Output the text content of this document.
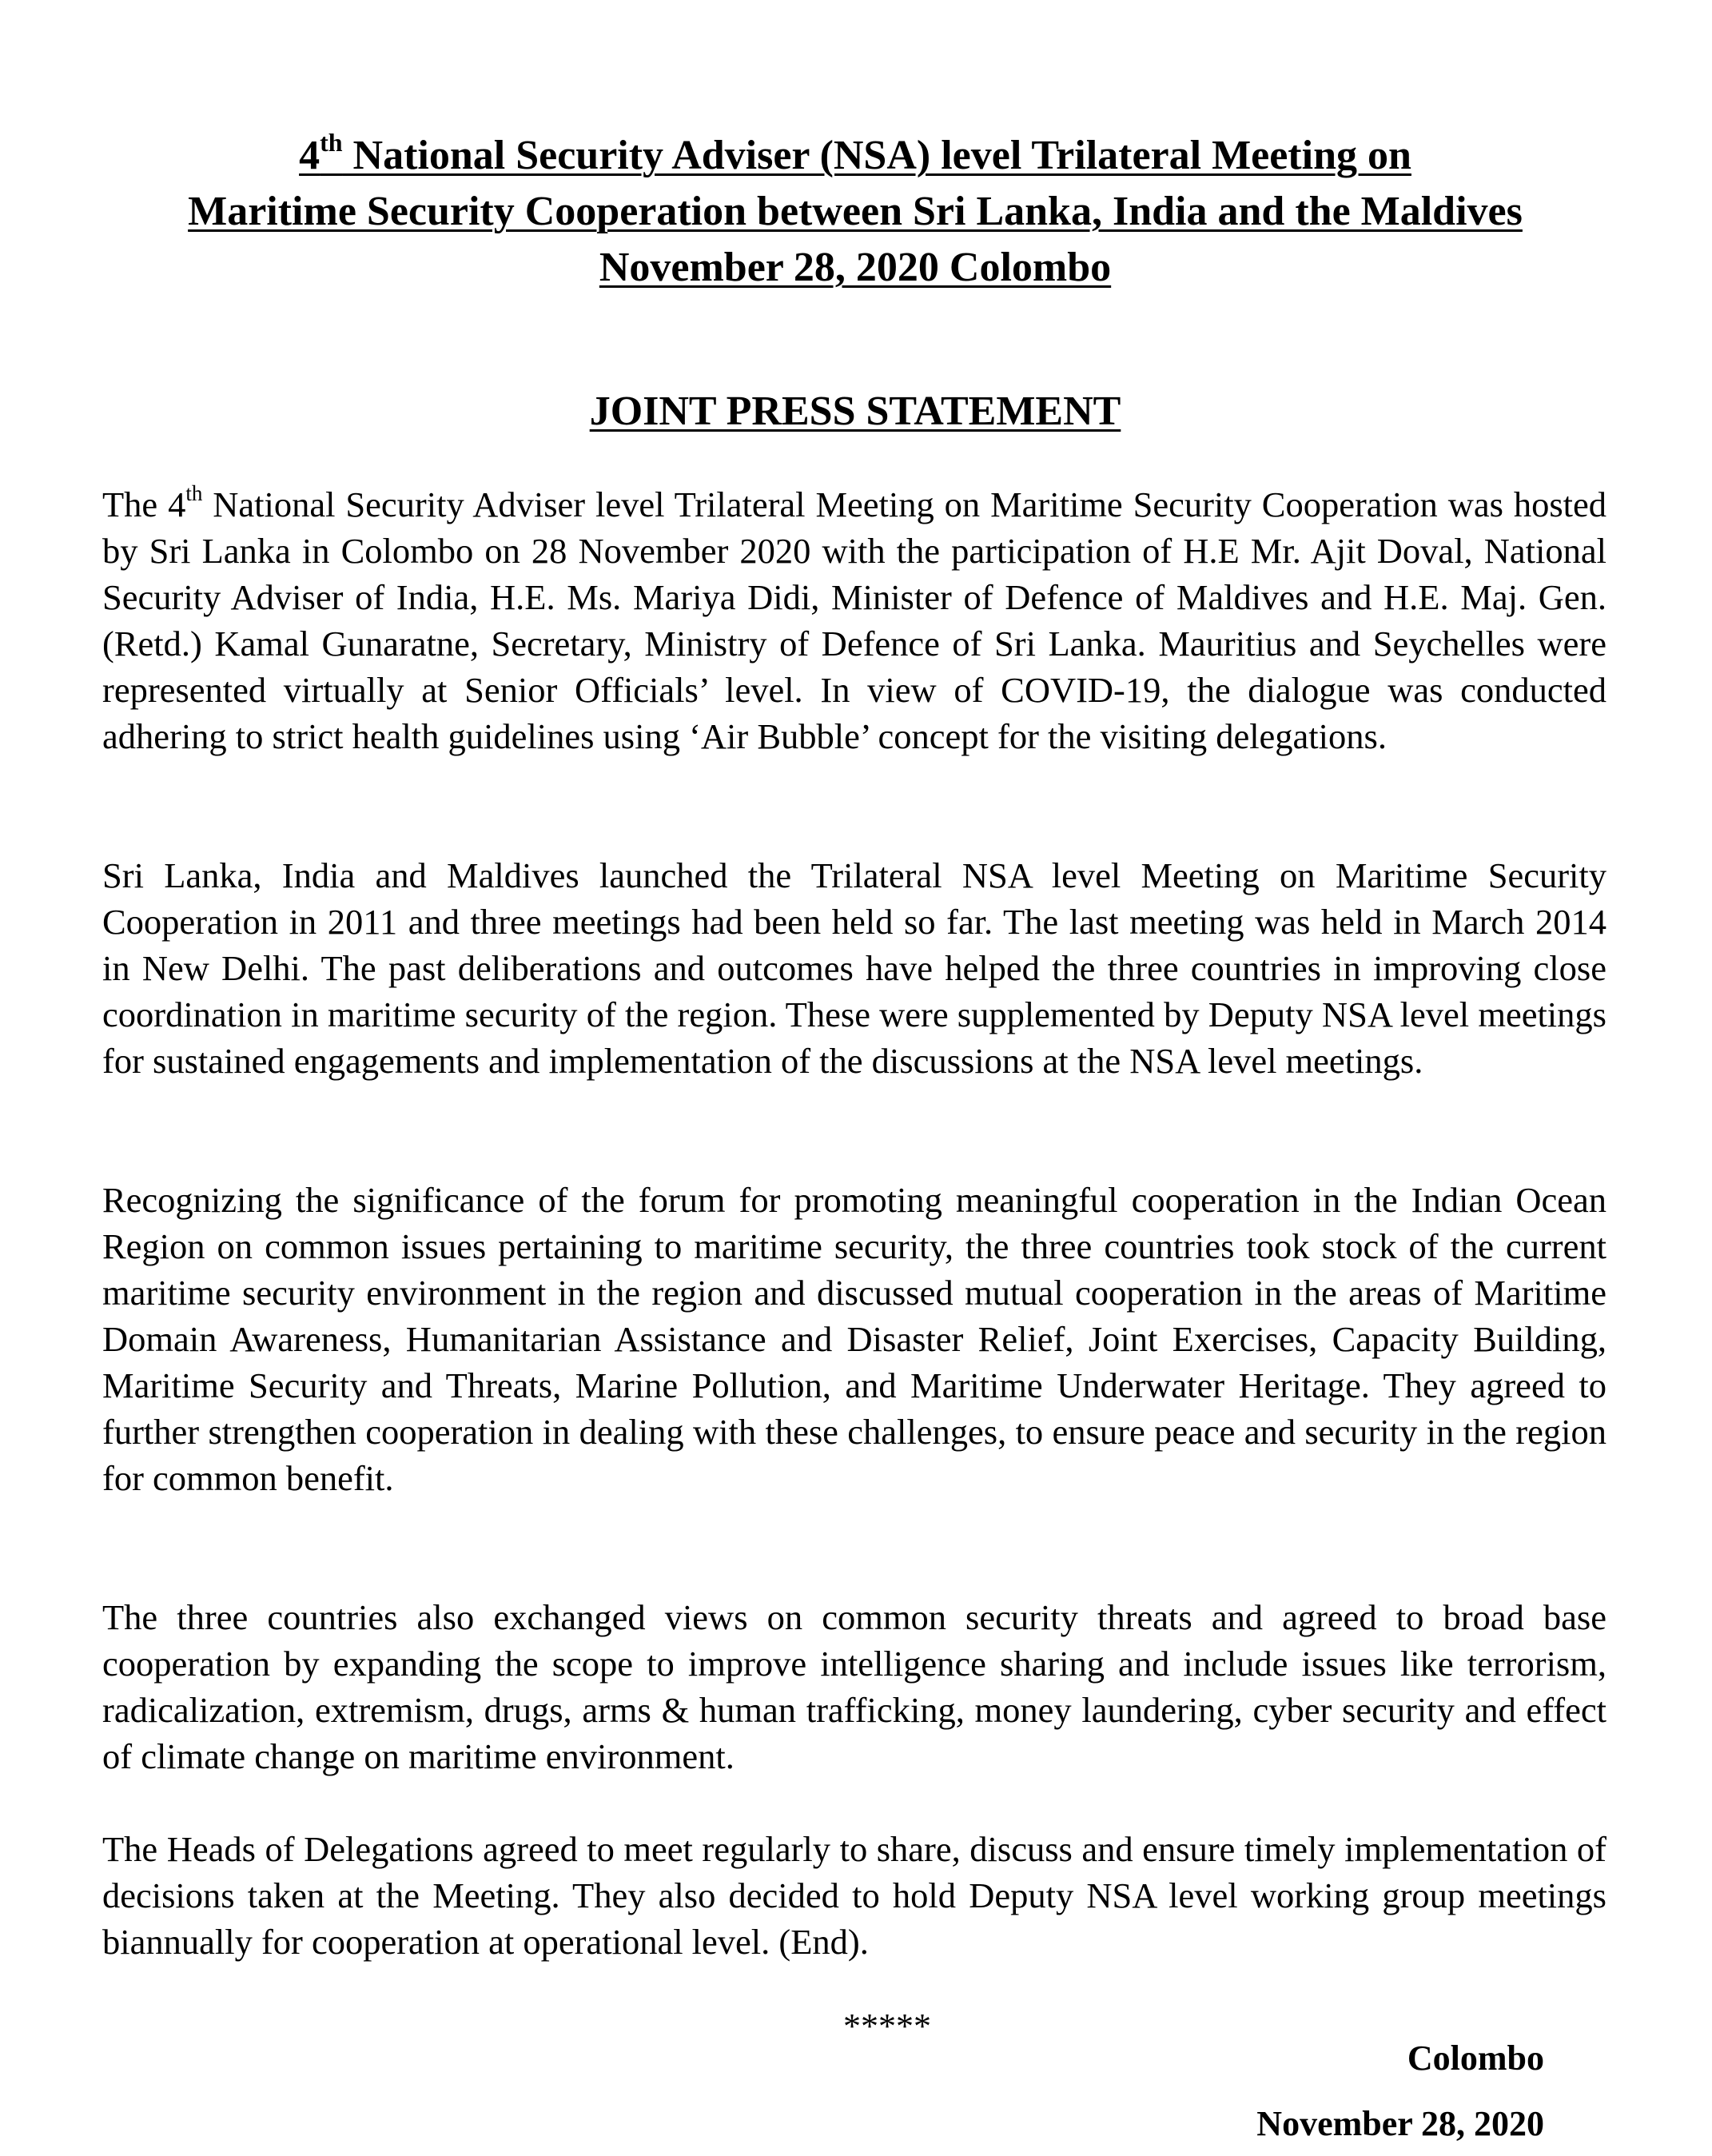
4th National Security Adviser (NSA) level Trilateral Meeting on
Maritime Security Cooperation between Sri Lanka, India and the Maldives
November 28, 2020 Colombo
JOINT PRESS STATEMENT

The 4th National Security Adviser level Trilateral Meeting on Maritime Security Cooperation was hosted by Sri Lanka in Colombo on 28 November 2020 with the participation of H.E Mr. Ajit Doval, National Security Adviser of India, H.E. Ms. Mariya Didi, Minister of Defence of Maldives and H.E. Maj. Gen. (Retd.) Kamal Gunaratne, Secretary, Ministry of Defence of Sri Lanka. Mauritius and Seychelles were represented virtually at Senior Officials’ level. In view of COVID-19, the dialogue was conducted adhering to strict health guidelines using ‘Air Bubble’ concept for the visiting delegations.

Sri Lanka, India and Maldives launched the Trilateral NSA level Meeting on Maritime Security Cooperation in 2011 and three meetings had been held so far. The last meeting was held in March 2014 in New Delhi. The past deliberations and outcomes have helped the three countries in improving close coordination in maritime security of the region. These were supplemented by Deputy NSA level meetings for sustained engagements and implementation of the discussions at the NSA level meetings.

Recognizing the significance of the forum for promoting meaningful cooperation in the Indian Ocean Region on common issues pertaining to maritime security, the three countries took stock of the current maritime security environment in the region and discussed mutual cooperation in the areas of Maritime Domain Awareness, Humanitarian Assistance and Disaster Relief, Joint Exercises, Capacity Building, Maritime Security and Threats, Marine Pollution, and Maritime Underwater Heritage. They agreed to further strengthen cooperation in dealing with these challenges, to ensure peace and security in the region for common benefit.

The three countries also exchanged views on common security threats and agreed to broad base cooperation by expanding the scope to improve intelligence sharing and include issues like terrorism, radicalization, extremism, drugs, arms & human trafficking, money laundering, cyber security and effect of climate change on maritime environment.

The Heads of Delegations agreed to meet regularly to share, discuss and ensure timely implementation of decisions taken at the Meeting. They also decided to hold Deputy NSA level working group meetings biannually for cooperation at operational level. (End).

*****
Colombo
November 28, 2020
